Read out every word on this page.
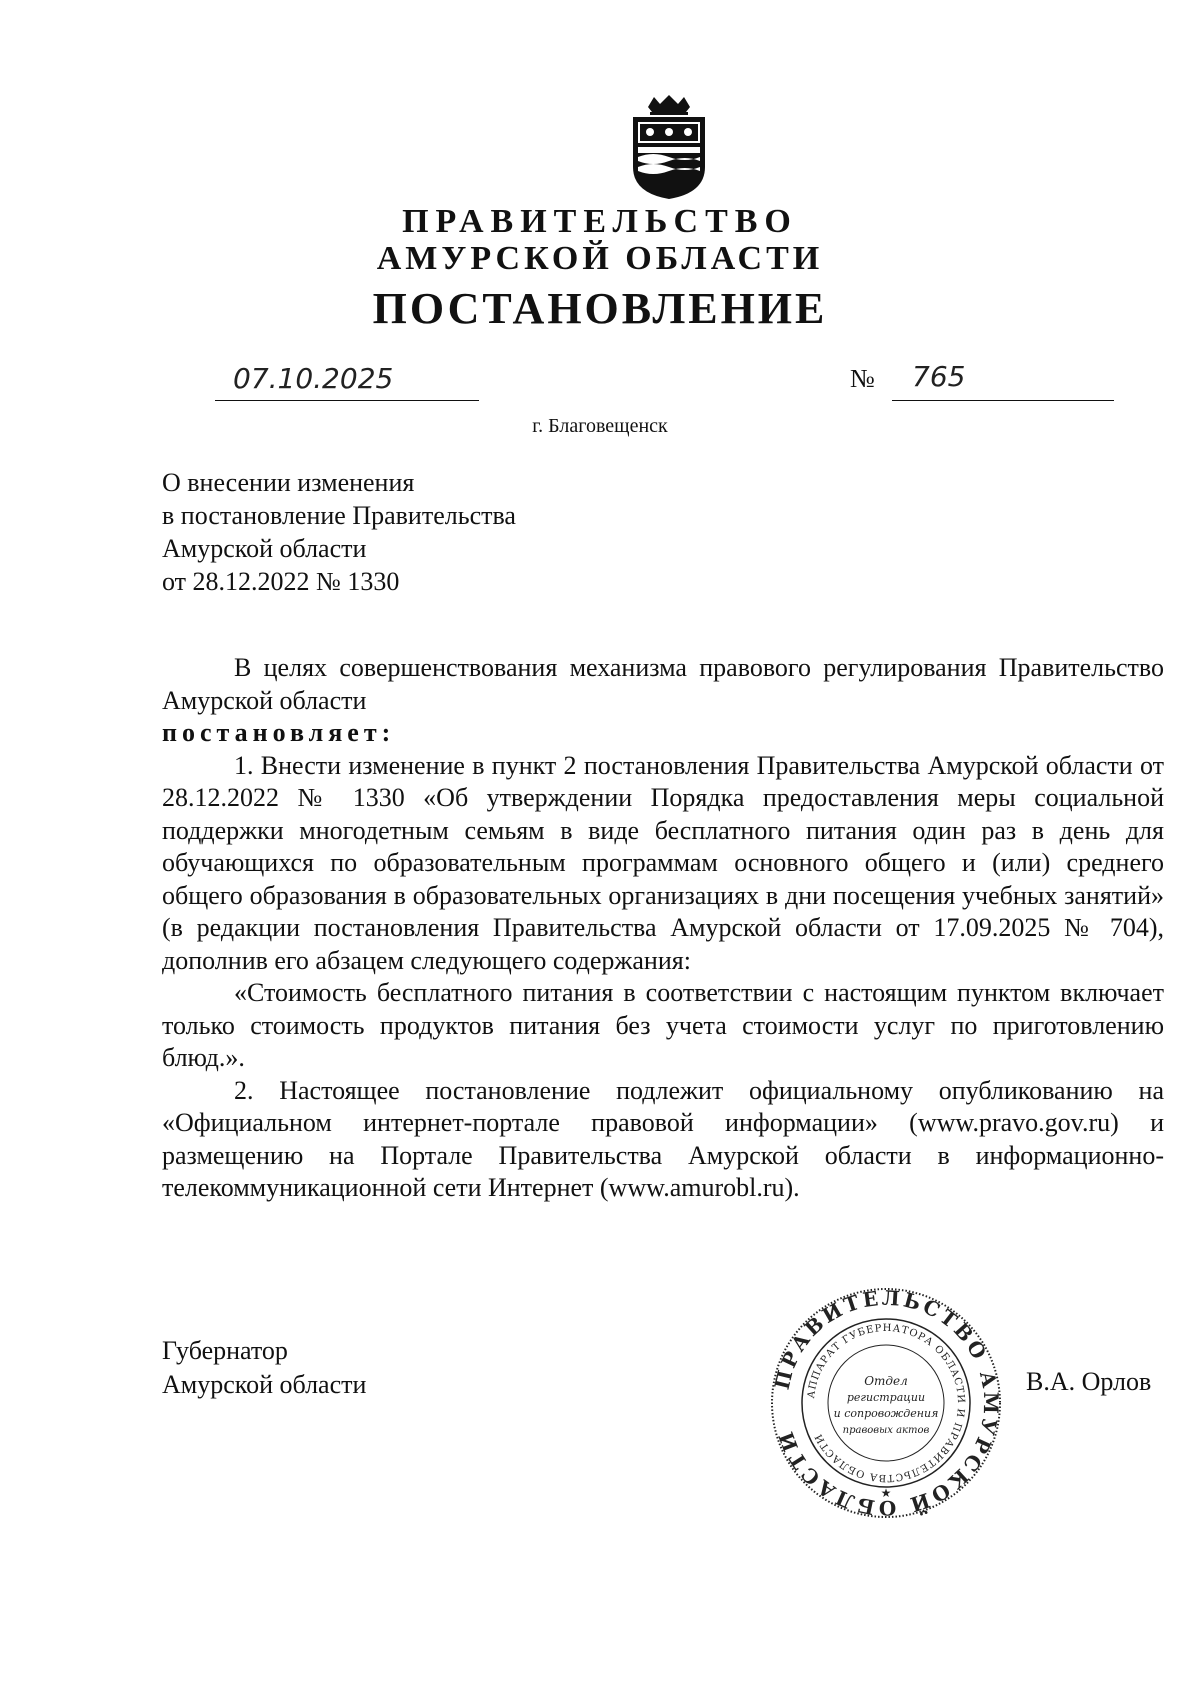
ПРАВИТЕЛЬСТВО
АМУРСКОЙ ОБЛАСТИ
ПОСТАНОВЛЕНИЕ
07.10.2025	№ 765
г. Благовещенск
О внесении изменения
в постановление Правительства
Амурской области
от 28.12.2022 № 1330

В целях совершенствования механизма правового регулирования Правительство Амурской области

постановляет:

1. Внести изменение в пункт 2 постановления Правительства Амурской области от 28.12.2022 № 1330 «Об утверждении Порядка предоставления меры социальной поддержки многодетным семьям в виде бесплатного питания один раз в день для обучающихся по образовательным программам основного общего и (или) среднего общего образования в образовательных организациях в дни посещения учебных занятий» (в редакции постановления Правительства Амурской области от 17.09.2025 № 704), дополнив его абзацем следующего содержания:

«Стоимость бесплатного питания в соответствии с настоящим пунктом включает только стоимость продуктов питания без учета стоимости услуг по приготовлению блюд.».

2. Настоящее постановление подлежит официальному опубликованию на «Официальном интернет-портале правовой информации» (www.pravo.gov.ru) и размещению на Портале Правительства Амурской области в информационно-телекоммуникационной сети Интернет (www.amurobl.ru).

Губернатор
Амурской области	В.А. Орлов
ПРАВИТЕЛЬСТВО АМУРСКОЙ ОБЛАСТИ
АППАРАТ ГУБЕРНАТОРА ОБЛАСТИ И ПРАВИТЕЛЬСТВА ОБЛАСТИ
Отдел
регистрации
и сопровождения
правовых актов
★
